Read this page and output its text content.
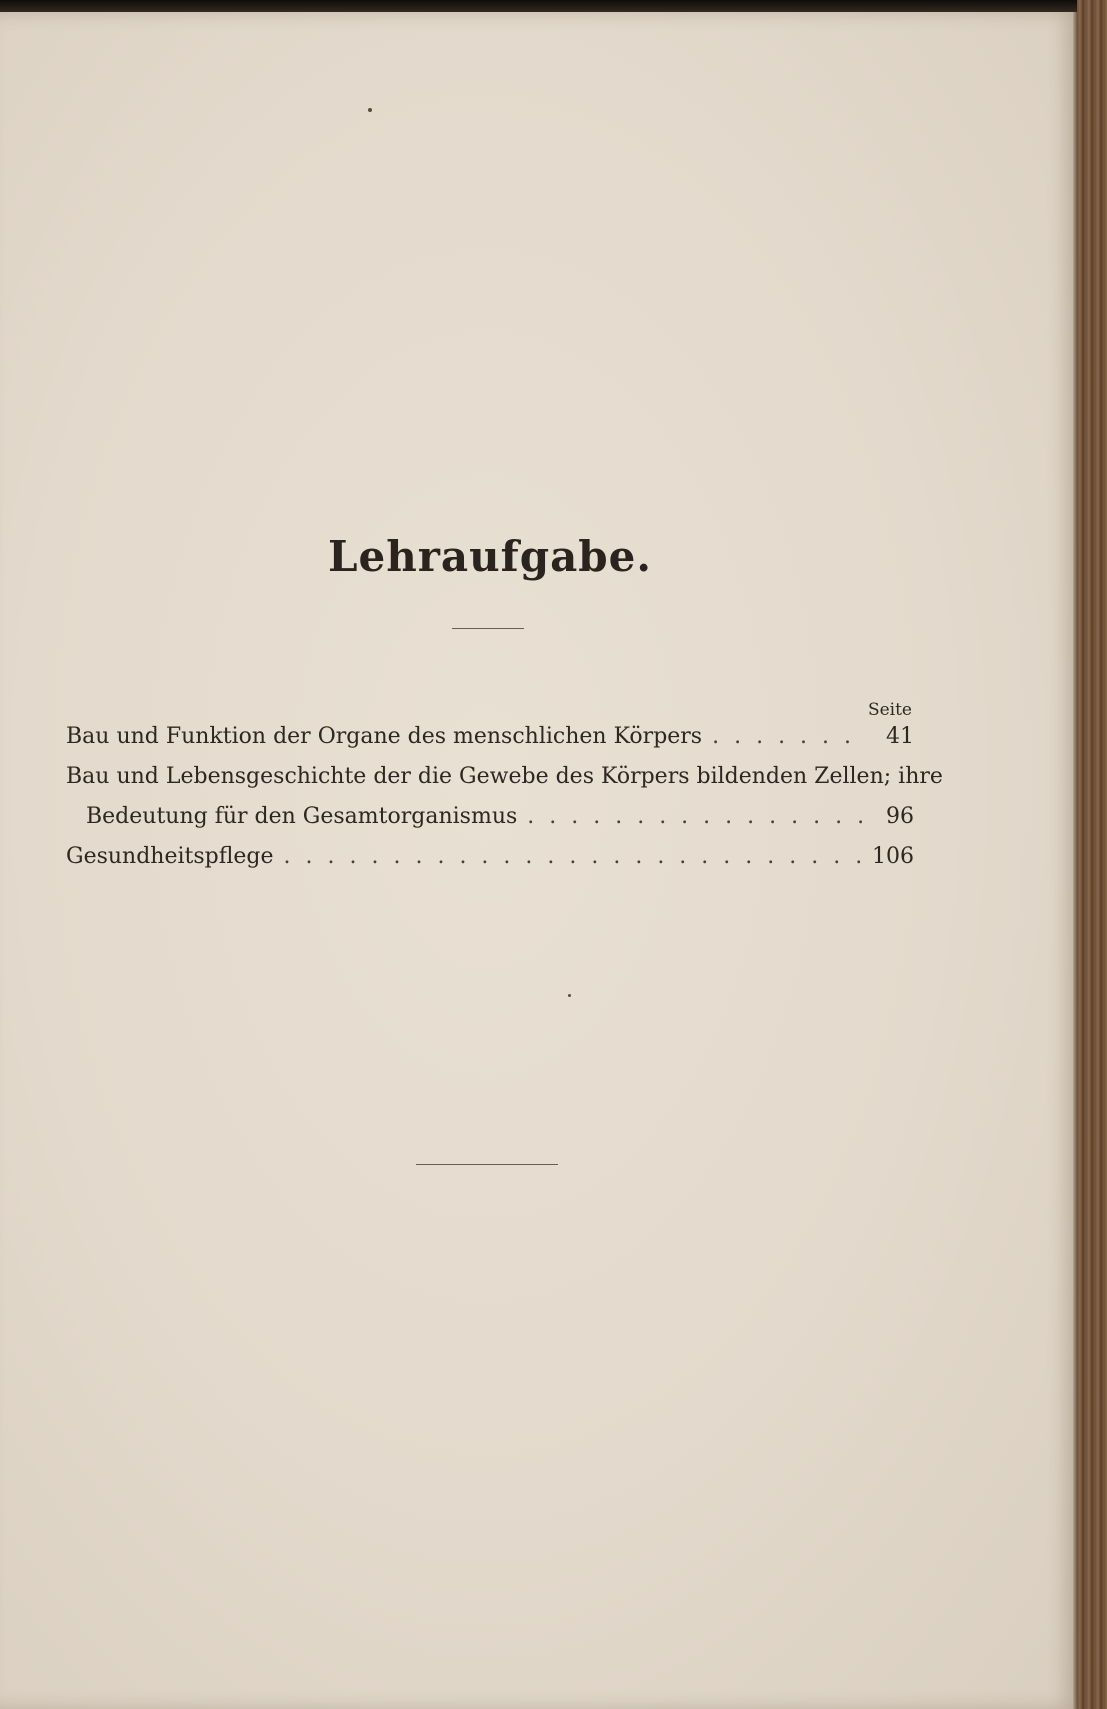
Lehraufgabe.
Seite
Bau und Funktion der Organe des menschlichen Körpers . . .	41
Bau und Lebensgeschichte der die Gewebe des Körpers bildenden Zellen; ihre
Bedeutung für den Gesamtorganismus . . .	96
Gesundheitspflege . . .	106
